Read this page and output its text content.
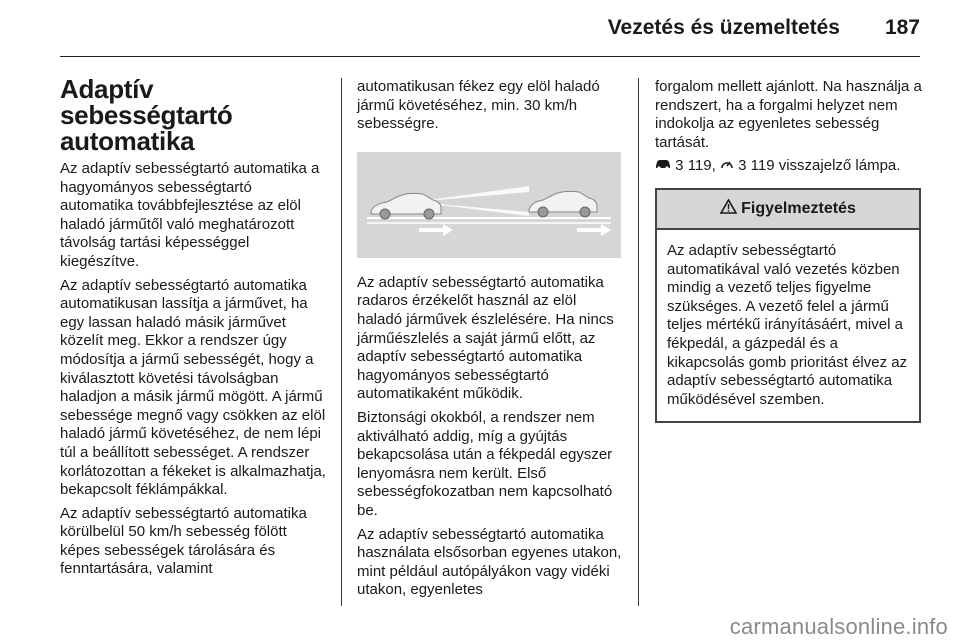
Vezetés és üzemeltetés 187
Adaptív sebességtartó automatika

Az adaptív sebességtartó automatika a hagyományos sebességtartó automatika továbbfejlesztése az elöl haladó járműtől való meghatározott távolság tartási képességgel kiegészítve.

Az adaptív sebességtartó automatika automatikusan lassítja a járművet, ha egy lassan haladó másik járművet közelít meg. Ekkor a rendszer úgy módosítja a jármű sebességét, hogy a kiválasztott követési távolságban haladjon a másik jármű mögött. A jármű sebessége megnő vagy csökken az elöl haladó jármű követéséhez, de nem lépi túl a beállított sebességet. A rendszer korlátozottan a fékeket is alkalmazhatja, bekapcsolt féklámpákkal.

Az adaptív sebességtartó automatika körülbelül 50 km/h sebesség fölött képes sebességek tárolására és fenntartására, valamint

automatikusan fékez egy elöl haladó jármű követéséhez, min. 30 km/h sebességre.

Az adaptív sebességtartó automatika radaros érzékelőt használ az elöl haladó járművek észlelésére. Ha nincs járműészlelés a saját jármű előtt, az adaptív sebességtartó automatika hagyományos sebességtartó automatikaként működik.

Biztonsági okokból, a rendszer nem aktiválható addig, míg a gyújtás bekapcsolása után a fékpedál egyszer lenyomásra nem került. Első sebességfokozatban nem kapcsolható be.

Az adaptív sebességtartó automatika használata elsősorban egyenes utakon, mint például autópályákon vagy vidéki utakon, egyenletes

forgalom mellett ajánlott. Na használja a rendszert, ha a forgalmi helyzet nem indokolja az egyenletes sebesség tartását.

3 119, 3 119 visszajelző lámpa.

Figyelmeztetés
Az adaptív sebességtartó automatikával való vezetés közben mindig a vezető teljes figyelme szükséges. A vezető felel a jármű teljes mértékű irányításáért, mivel a fékpedál, a gázpedál és a kikapcsolás gomb prioritást élvez az adaptív sebességtartó automatika működésével szemben.
carmanualsonline.info
